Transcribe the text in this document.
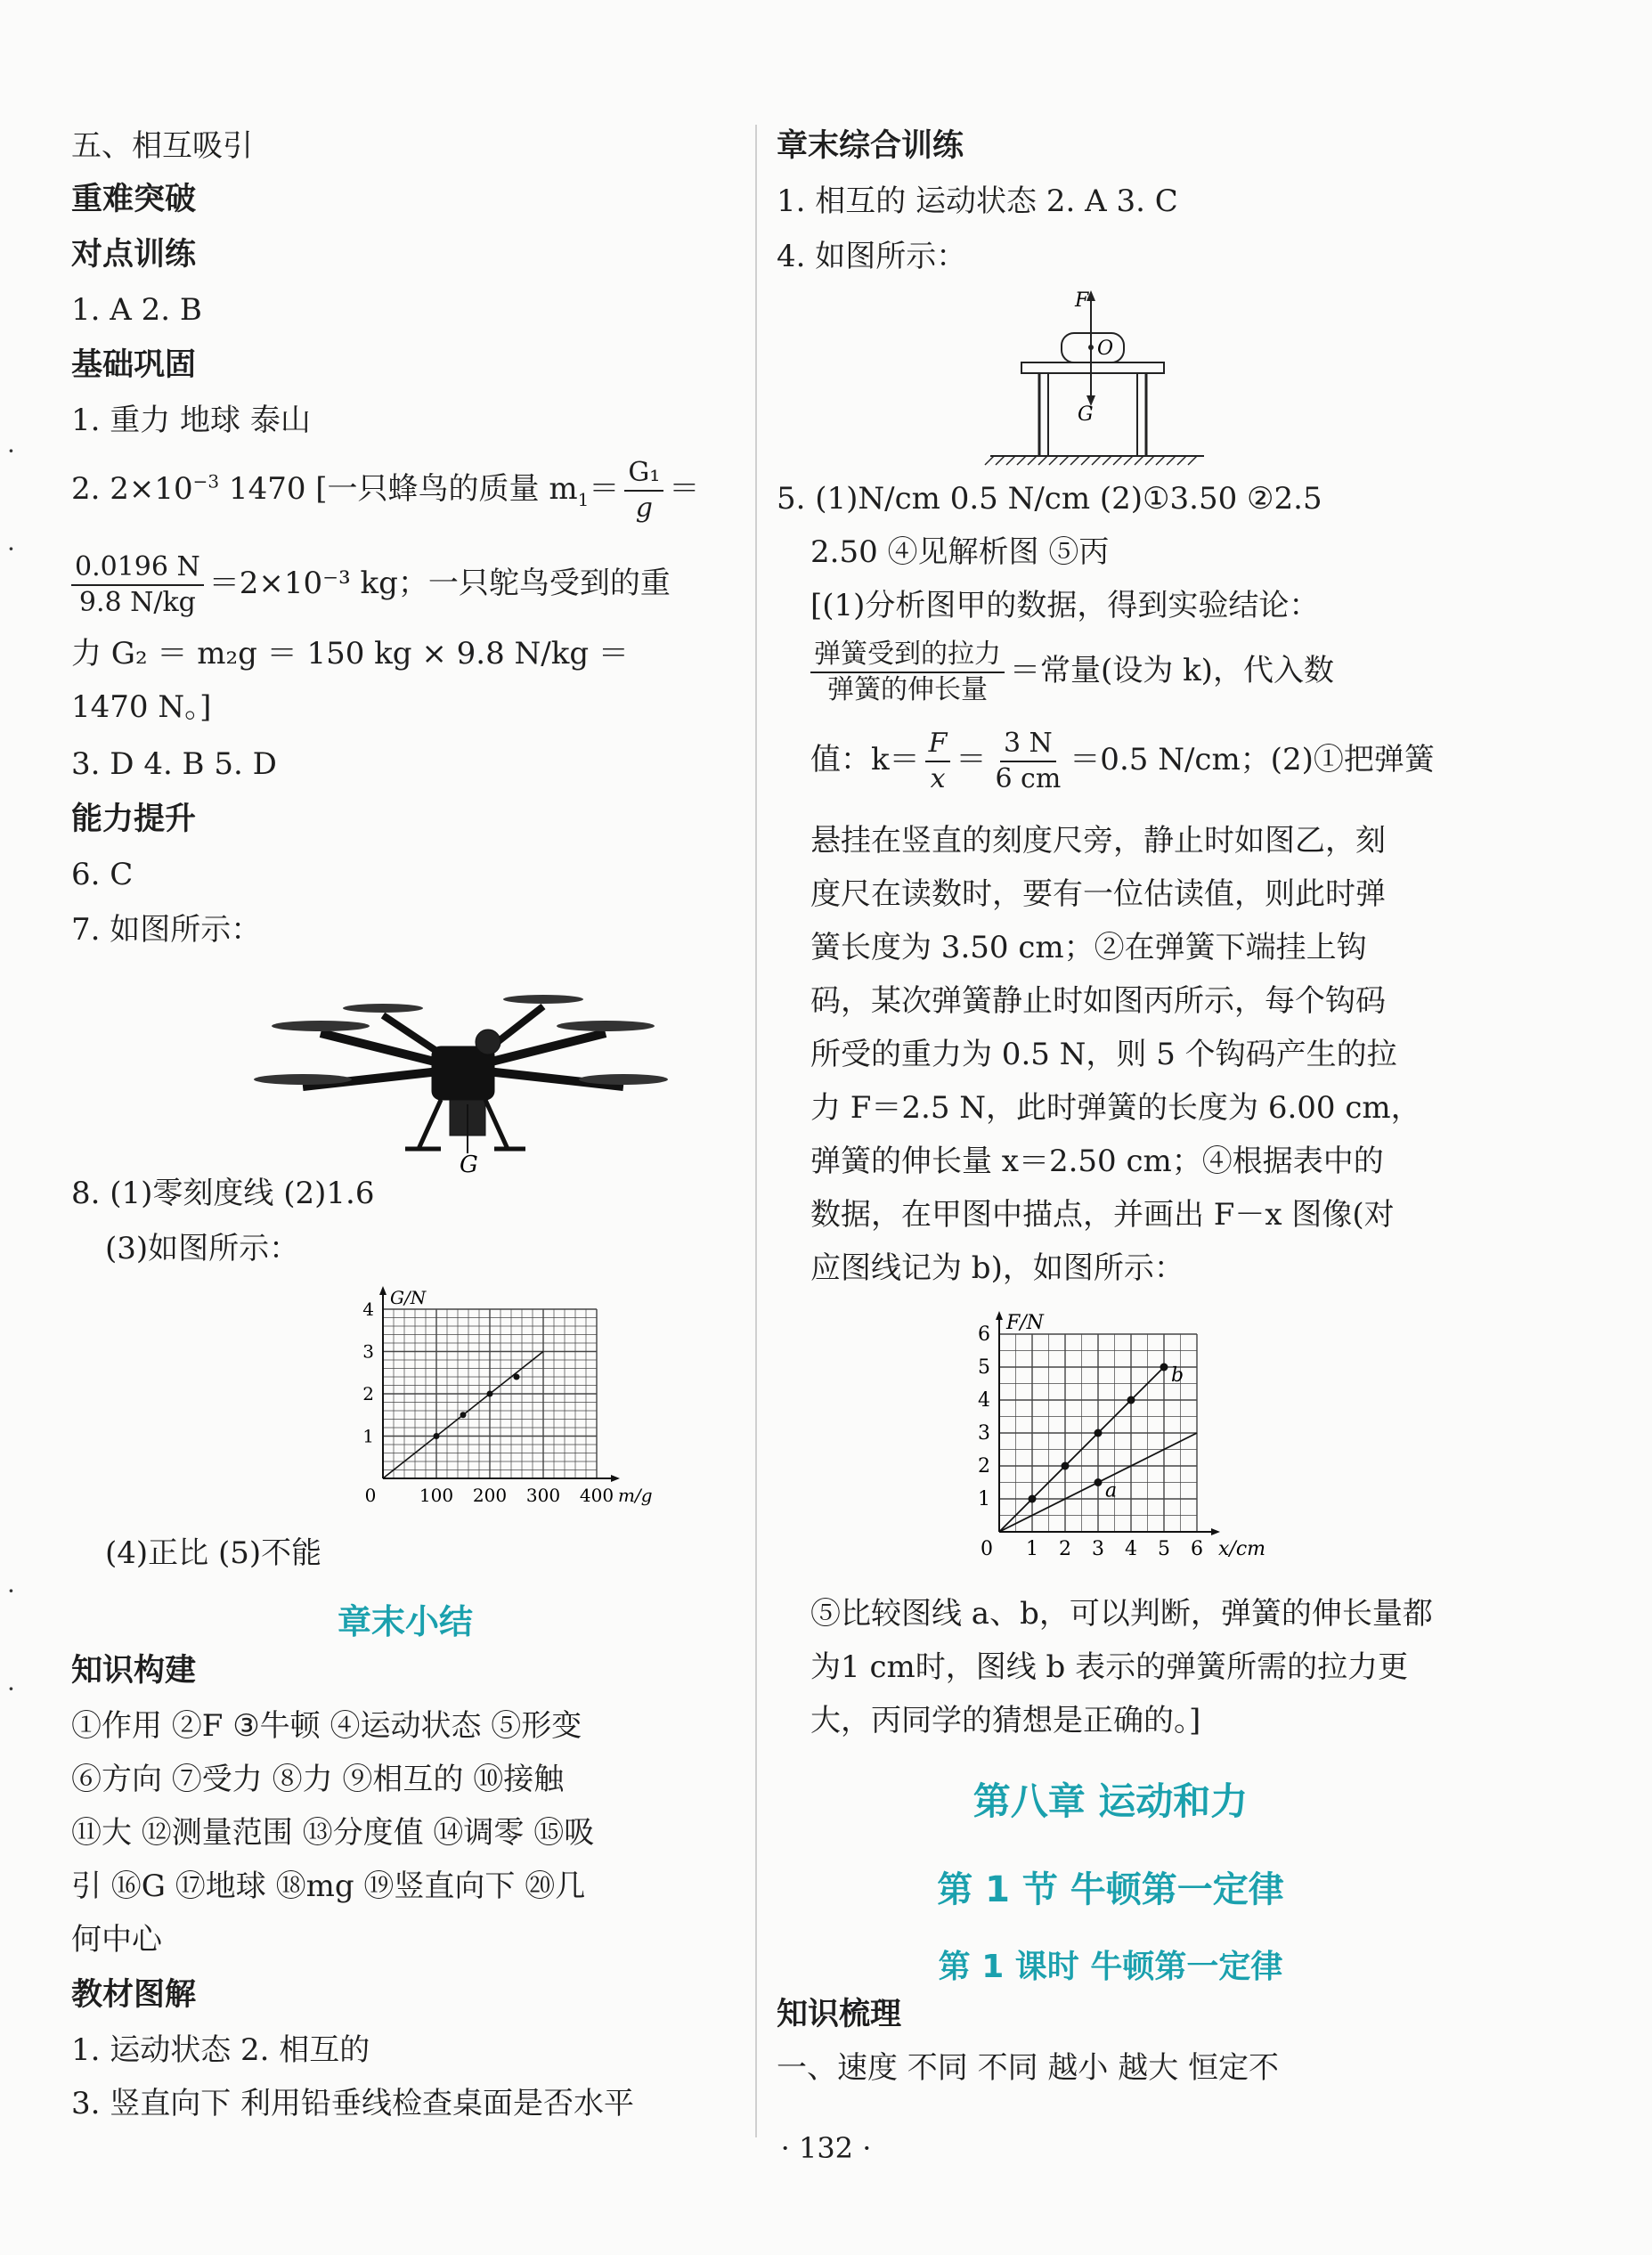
·
·
·
·
五、相互吸引
重难突破
对点训练
1. A 2. B
基础巩固
1. 重力 地球 泰山
2. $2\times 10^{-3}$ 1470 [一只蜂鸟的质量 $m_1= \frac{\text{G₁}}{g}$ ＝
$\frac{0.0196 N}{9.8 N/kg} =2\times 10^{-3}$ kg；一只鸵鸟受到的重
力 G₂ ＝ m₂g ＝ 150 kg × 9.8 N/kg ＝
1470 N。]
3. D 4. B 5. D
能力提升
6. C
7. 如图所示：
G
8. (1)零刻度线 (2)1.6
(3)如图所示：
0 100 200 300 400
1
2
3
4
m/g
G/N
(4)正比 (5)不能
章末小结
知识构建
①作用 ②F ③牛顿 ④运动状态 ⑤形变
⑥方向 ⑦受力 ⑧力 ⑨相互的 ⑩接触
⑪大 ⑫测量范围 ⑬分度值 ⑭调零 ⑮吸
引 ⑯G ⑰地球 ⑱mg ⑲竖直向下 ⑳几
何中心
教材图解
1. 运动状态 2. 相互的
3. 竖直向下 利用铅垂线检查桌面是否水平
章末综合训练
1. 相互的 运动状态 2. A 3. C
4. 如图所示：
F
O
G
5. (1)N/cm 0.5 N/cm (2)①3.50 ②2.5
2.50 ④见解析图 ⑤丙
[(1)分析图甲的数据，得到实验结论：
$\frac{\text{弹簧受到的拉力}}{\text{弹簧的伸长量}}$ ＝常量(设为 k)，代入数
值：$k= \frac{F}{x} = \frac{3 N}{6 cm} =0.5$ N/cm；(2)①把弹簧
悬挂在竖直的刻度尺旁，静止时如图乙，刻
度尺在读数时，要有一位估读值，则此时弹
簧长度为 3.50 cm；②在弹簧下端挂上钩
码，某次弹簧静止时如图丙所示，每个钩码
所受的重力为 0.5 N，则 5 个钩码产生的拉
力 F＝2.5 N，此时弹簧的长度为 6.00 cm，
弹簧的伸长量 x＝2.50 cm；④根据表中的
数据，在甲图中描点，并画出 F－x 图像(对
应图线记为 b)，如图所示：
0 1 2 3 4 5 6
1
2
3
4
5
6
x/cm
F/N
b
a
⑤比较图线 a、b，可以判断，弹簧的伸长量都
为1 cm时，图线 b 表示的弹簧所需的拉力更
大，丙同学的猜想是正确的。]
第八章 运动和力
第 1 节 牛顿第一定律
第 1 课时 牛顿第一定律
知识梳理
一、速度 不同 不同 越小 越大 恒定不
· 132 ·
